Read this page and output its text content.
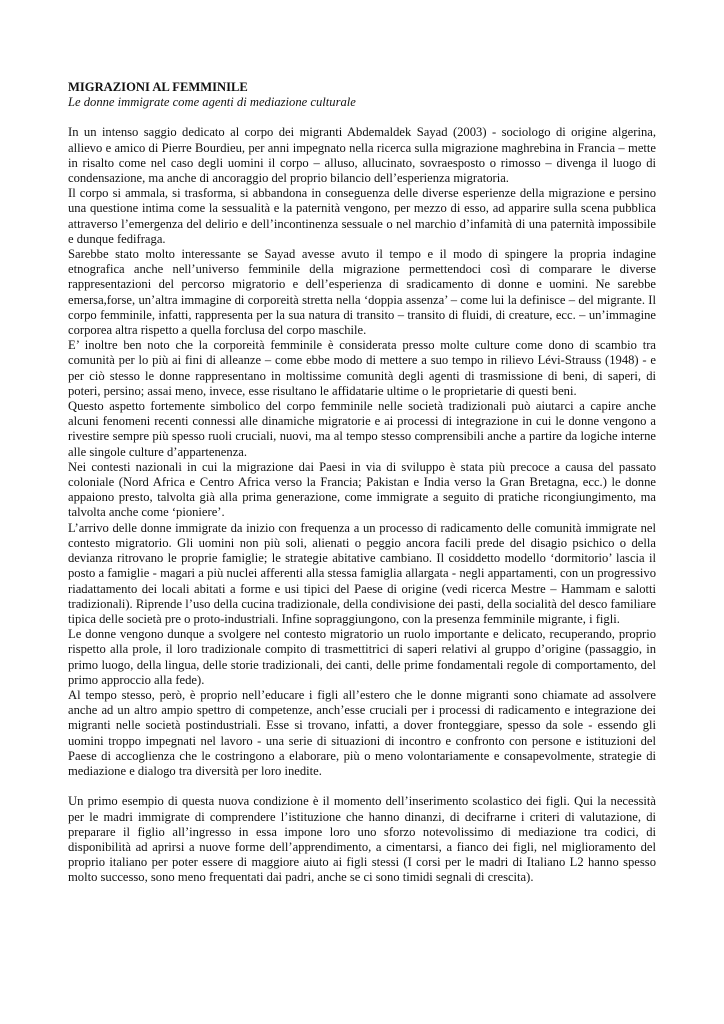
MIGRAZIONI AL FEMMINILE

Le donne immigrate come agenti di mediazione culturale

In un intenso saggio dedicato al corpo dei migranti Abdemaldek Sayad (2003) - sociologo di origine algerina, allievo e amico di Pierre Bourdieu, per anni impegnato nella ricerca sulla migrazione maghrebina in Francia – mette in risalto come nel caso degli uomini il corpo – alluso, allucinato, sovraesposto o rimosso – divenga il luogo di condensazione, ma anche di ancoraggio del proprio bilancio dell’esperienza migratoria.

Il corpo si ammala, si trasforma, si abbandona in conseguenza delle diverse esperienze della migrazione e persino una questione intima come la sessualità e la paternità vengono, per mezzo di esso, ad apparire sulla scena pubblica attraverso l’emergenza del delirio e dell’incontinenza sessuale o nel marchio d’infamità di una paternità impossibile e dunque fedifraga.

Sarebbe stato molto interessante se Sayad avesse avuto il tempo e il modo di spingere la propria indagine etnografica anche nell’universo femminile della migrazione permettendoci così di comparare le diverse rappresentazioni del percorso migratorio e dell’esperienza di sradicamento di donne e uomini. Ne sarebbe emersa,forse, un’altra immagine di corporeità stretta nella ‘doppia assenza’ – come lui la definisce – del migrante. Il corpo femminile, infatti, rappresenta per la sua natura di transito – transito di fluidi, di creature, ecc. – un’immagine corporea altra rispetto a quella forclusa del corpo maschile.

E’ inoltre ben noto che la corporeità femminile è considerata presso molte culture come dono di scambio tra comunità per lo più ai fini di alleanze – come ebbe modo di mettere a suo tempo in rilievo Lévi-Strauss (1948) - e per ciò stesso le donne rappresentano in moltissime comunità degli agenti di trasmissione di beni, di saperi, di poteri, persino; assai meno, invece, esse risultano le affidatarie ultime o le proprietarie di questi beni.

Questo aspetto fortemente simbolico del corpo femminile nelle società tradizionali può aiutarci a capire anche alcuni fenomeni recenti connessi alle dinamiche migratorie e ai processi di integrazione in cui le donne vengono a rivestire sempre più spesso ruoli cruciali, nuovi, ma al tempo stesso comprensibili anche a partire da logiche interne alle singole culture d’appartenenza.

Nei contesti nazionali in cui la migrazione dai Paesi in via di sviluppo è stata più precoce a causa del passato coloniale (Nord Africa e Centro Africa verso la Francia; Pakistan e India verso la Gran Bretagna, ecc.) le donne appaiono presto, talvolta già alla prima generazione, come immigrate a seguito di pratiche ricongiungimento, ma talvolta anche come ‘pioniere’.

L’arrivo delle donne immigrate da inizio con frequenza a un processo di radicamento delle comunità immigrate nel contesto migratorio. Gli uomini non più soli, alienati o peggio ancora facili prede del disagio psichico o della devianza ritrovano le proprie famiglie; le strategie abitative cambiano. Il cosiddetto modello ‘dormitorio’ lascia il posto a famiglie - magari a più nuclei afferenti alla stessa famiglia allargata - negli appartamenti, con un progressivo riadattamento dei locali abitati a forme e usi tipici del Paese di origine (vedi ricerca Mestre – Hammam e salotti tradizionali). Riprende l’uso della cucina tradizionale, della condivisione dei pasti, della socialità del desco familiare tipica delle società pre o proto-industriali. Infine sopraggiungono, con la presenza femminile migrante, i figli.

Le donne vengono dunque a svolgere nel contesto migratorio un ruolo importante e delicato, recuperando, proprio rispetto alla prole, il loro tradizionale compito di trasmettitrici di saperi relativi al gruppo d’origine (passaggio, in primo luogo, della lingua, delle storie tradizionali, dei canti, delle prime fondamentali regole di comportamento, del primo approccio alla fede).

Al tempo stesso, però, è proprio nell’educare i figli all’estero che le donne migranti sono chiamate ad assolvere anche ad un altro ampio spettro di competenze, anch’esse cruciali per i processi di radicamento e integrazione dei migranti nelle società postindustriali. Esse si trovano, infatti, a dover fronteggiare, spesso da sole - essendo gli uomini troppo impegnati nel lavoro - una serie di situazioni di incontro e confronto con persone e istituzioni del Paese di accoglienza che le costringono a elaborare, più o meno volontariamente e consapevolmente, strategie di mediazione e dialogo tra diversità per loro inedite.

Un primo esempio di questa nuova condizione è il momento dell’inserimento scolastico dei figli. Qui la necessità per le madri immigrate di comprendere l’istituzione che hanno dinanzi, di decifrarne i criteri di valutazione, di preparare il figlio all’ingresso in essa impone loro uno sforzo notevolissimo di mediazione tra codici, di disponibilità ad aprirsi a nuove forme dell’apprendimento, a cimentarsi, a fianco dei figli, nel miglioramento del proprio italiano per poter essere di maggiore aiuto ai figli stessi (I corsi per le madri di Italiano L2 hanno spesso molto successo, sono meno frequentati dai padri, anche se ci sono timidi segnali di crescita).
